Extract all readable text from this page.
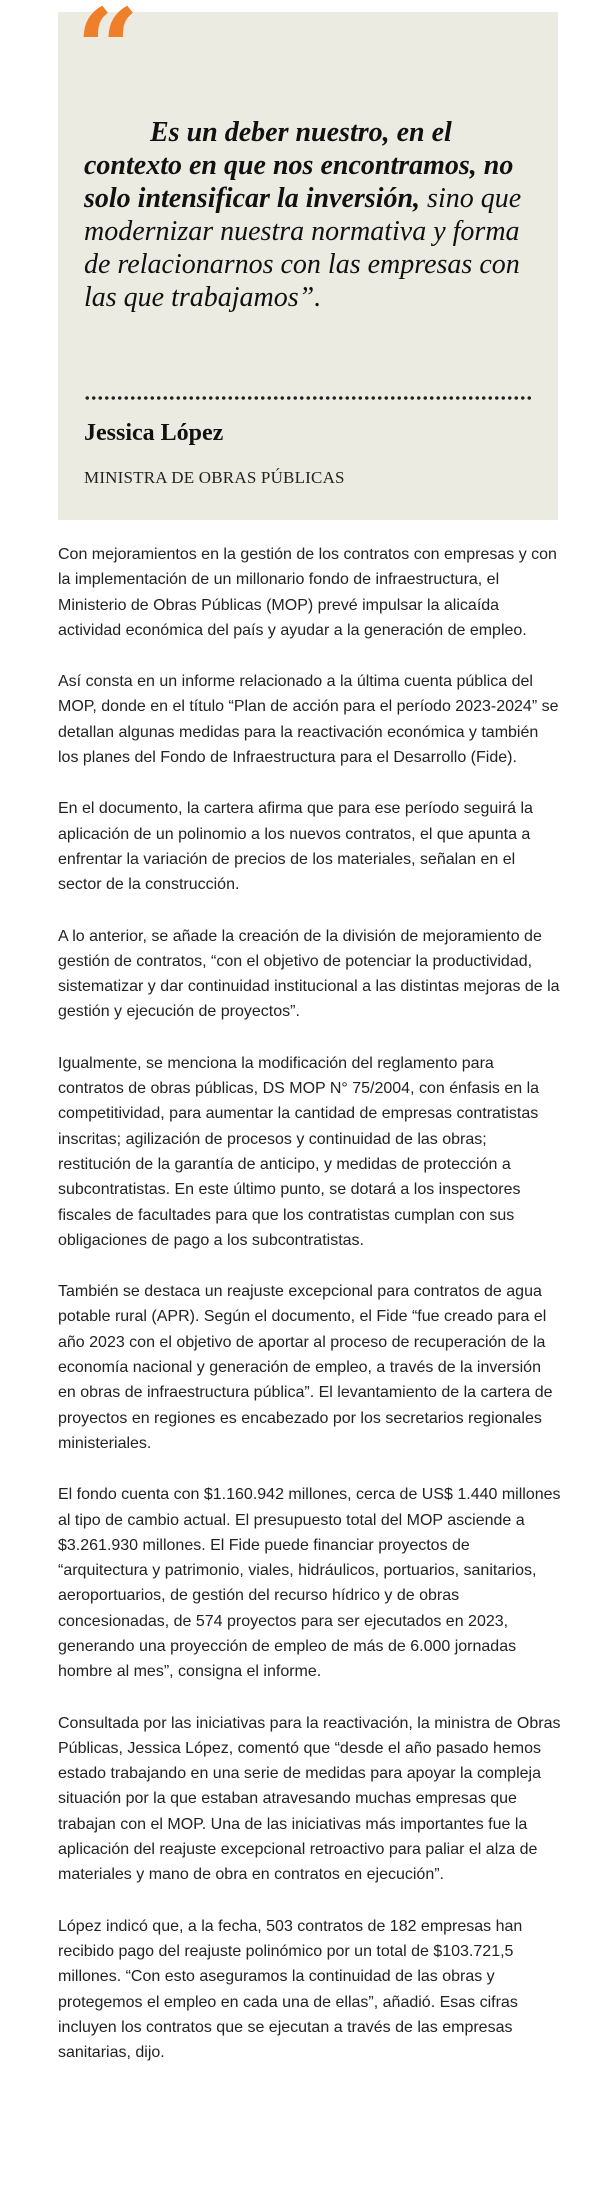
“
Es un deber nuestro, en el contexto en que nos encontramos, no solo intensificar la inversión, sino que modernizar nuestra normativa y forma de relacionarnos con las empresas con las que trabajamos”.
Jessica López
MINISTRA DE OBRAS PÚBLICAS

Con mejoramientos en la gestión de los contratos con empresas y con la implementación de un millonario fondo de infraestructura, el Ministerio de Obras Públicas (MOP) prevé impulsar la alicaída actividad económica del país y ayudar a la generación de empleo.

Así consta en un informe relacionado a la última cuenta pública del MOP, donde en el título “Plan de acción para el período 2023-2024” se detallan algunas medidas para la reactivación económica y también los planes del Fondo de Infraestructura para el Desarrollo (Fide).

En el documento, la cartera afirma que para ese período seguirá la aplicación de un polinomio a los nuevos contratos, el que apunta a enfrentar la variación de precios de los materiales, señalan en el sector de la construcción.

A lo anterior, se añade la creación de la división de mejoramiento de gestión de contratos, “con el objetivo de potenciar la productividad, sistematizar y dar continuidad institucional a las distintas mejoras de la gestión y ejecución de proyectos”.

Igualmente, se menciona la modificación del reglamento para contratos de obras públicas, DS MOP N° 75/2004, con énfasis en la competitividad, para aumentar la cantidad de empresas contratistas inscritas; agilización de procesos y continuidad de las obras; restitución de la garantía de anticipo, y medidas de protección a subcontratistas. En este último punto, se dotará a los inspectores fiscales de facultades para que los contratistas cumplan con sus obligaciones de pago a los subcontratistas.

También se destaca un reajuste excepcional para contratos de agua potable rural (APR). Según el documento, el Fide “fue creado para el año 2023 con el objetivo de aportar al proceso de recuperación de la economía nacional y generación de empleo, a través de la inversión en obras de infraestructura pública”. El levantamiento de la cartera de proyectos en regiones es encabezado por los secretarios regionales ministeriales.

El fondo cuenta con $1.160.942 millones, cerca de US$ 1.440 millones al tipo de cambio actual. El presupuesto total del MOP asciende a $3.261.930 millones. El Fide puede financiar proyectos de “arquitectura y patrimonio, viales, hidráulicos, portuarios, sanitarios, aeroportuarios, de gestión del recurso hídrico y de obras concesionadas, de 574 proyectos para ser ejecutados en 2023, generando una proyección de empleo de más de 6.000 jornadas hombre al mes”, consigna el informe.

Consultada por las iniciativas para la reactivación, la ministra de Obras Públicas, Jessica López, comentó que “desde el año pasado hemos estado trabajando en una serie de medidas para apoyar la compleja situación por la que estaban atravesando muchas empresas que trabajan con el MOP. Una de las iniciativas más importantes fue la aplicación del reajuste excepcional retroactivo para paliar el alza de materiales y mano de obra en contratos en ejecución”.

López indicó que, a la fecha, 503 contratos de 182 empresas han recibido pago del reajuste polinómico por un total de $103.721,5 millones. “Con esto aseguramos la continuidad de las obras y protegemos el empleo en cada una de ellas”, añadió. Esas cifras incluyen los contratos que se ejecutan a través de las empresas sanitarias, dijo.
